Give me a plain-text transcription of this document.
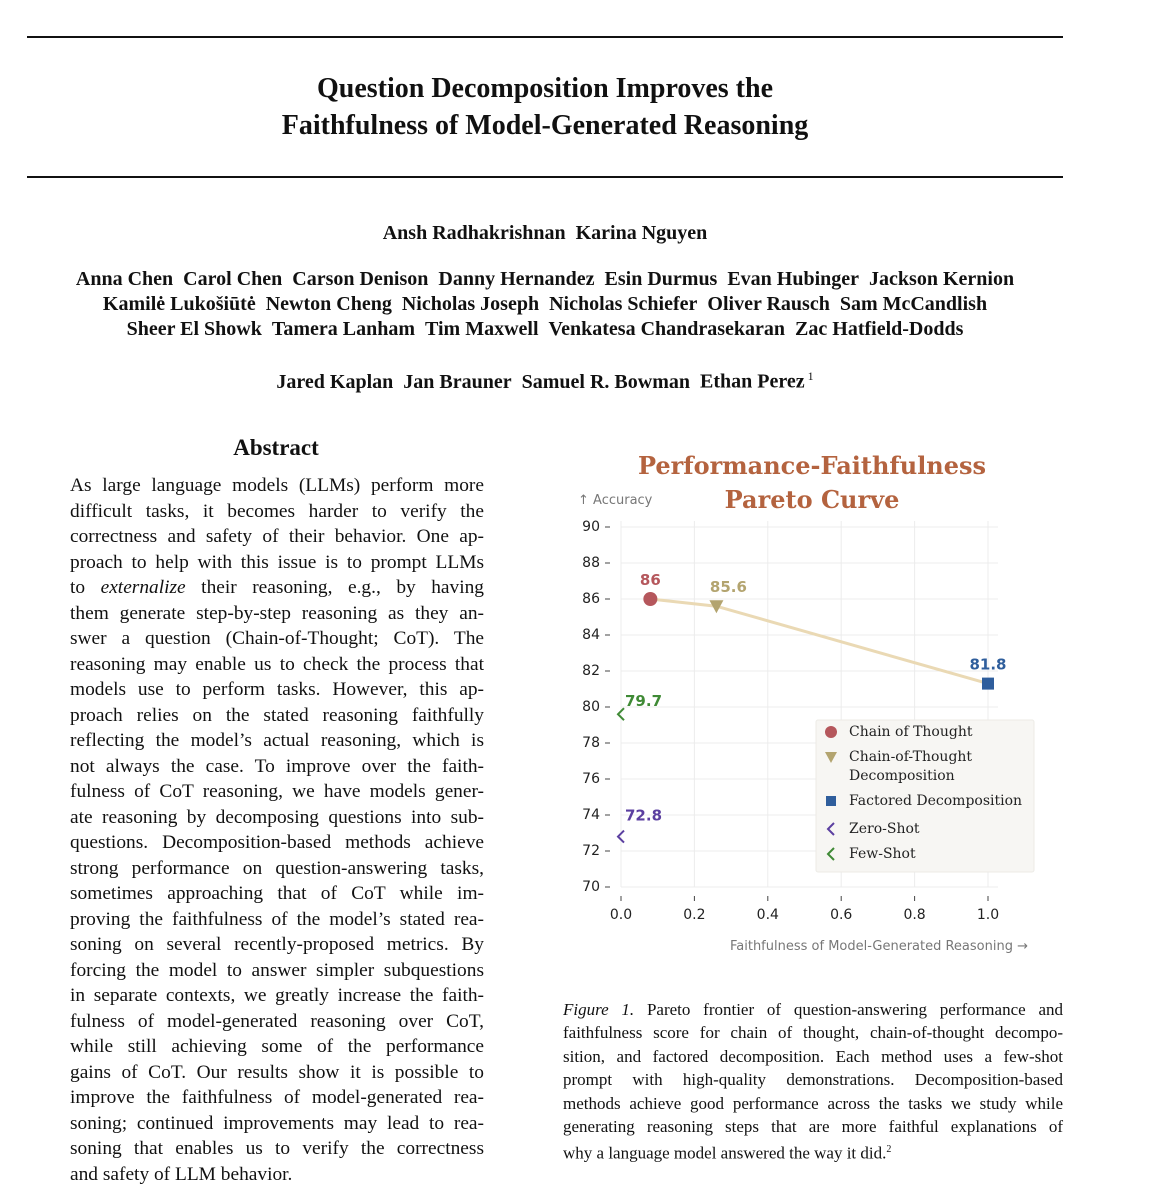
Question Decomposition Improves the
Faithfulness of Model-Generated Reasoning
Ansh Radhakrishnan Karina Nguyen
Anna Chen Carol Chen Carson Denison Danny Hernandez Esin Durmus Evan Hubinger Jackson Kernion
Kamilė Lukošiūtė Newton Cheng Nicholas Joseph Nicholas Schiefer Oliver Rausch Sam McCandlish
Sheer El Showk Tamera Lanham Tim Maxwell Venkatesa Chandrasekaran Zac Hatfield-Dodds
Jared Kaplan Jan Brauner Samuel R. Bowman Ethan Perez $^1$
Abstract
As large language models (LLMs) perform more
difficult tasks, it becomes harder to verify the
correctness and safety of their behavior. One ap-
proach to help with this issue is to prompt LLMs
to externalize their reasoning, e.g., by having
them generate step-by-step reasoning as they an-
swer a question (Chain-of-Thought; CoT). The
reasoning may enable us to check the process that
models use to perform tasks. However, this ap-
proach relies on the stated reasoning faithfully
reflecting the model’s actual reasoning, which is
not always the case. To improve over the faith-
fulness of CoT reasoning, we have models gener-
ate reasoning by decomposing questions into sub-
questions. Decomposition-based methods achieve
strong performance on question-answering tasks,
sometimes approaching that of CoT while im-
proving the faithfulness of the model’s stated rea-
soning on several recently-proposed metrics. By
forcing the model to answer simpler subquestions
in separate contexts, we greatly increase the faith-
fulness of model-generated reasoning over CoT,
while still achieving some of the performance
gains of CoT. Our results show it is possible to
improve the faithfulness of model-generated rea-
soning; continued improvements may lead to rea-
soning that enables us to verify the correctness
and safety of LLM behavior.
Performance-Faithfulness
Pareto Curve
↑ Accuracy
70
72
74
76
78
80
82
84
86
88
90
0.0	0.2	0.4	0.6	0.8	1.0
Faithfulness of Model-Generated Reasoning →
86	85.6
81.8
72.8
79.7
Chain of Thought
Chain-of-Thought
Decomposition
Factored Decomposition
Zero-Shot
Few-Shot
Figure 1. Pareto frontier of question-answering performance and
faithfulness score for chain of thought, chain-of-thought decompo-
sition, and factored decomposition. Each method uses a few-shot
prompt with high-quality demonstrations. Decomposition-based
methods achieve good performance across the tasks we study while
generating reasoning steps that are more faithful explanations of
why a language model answered the way it did.$^2$
